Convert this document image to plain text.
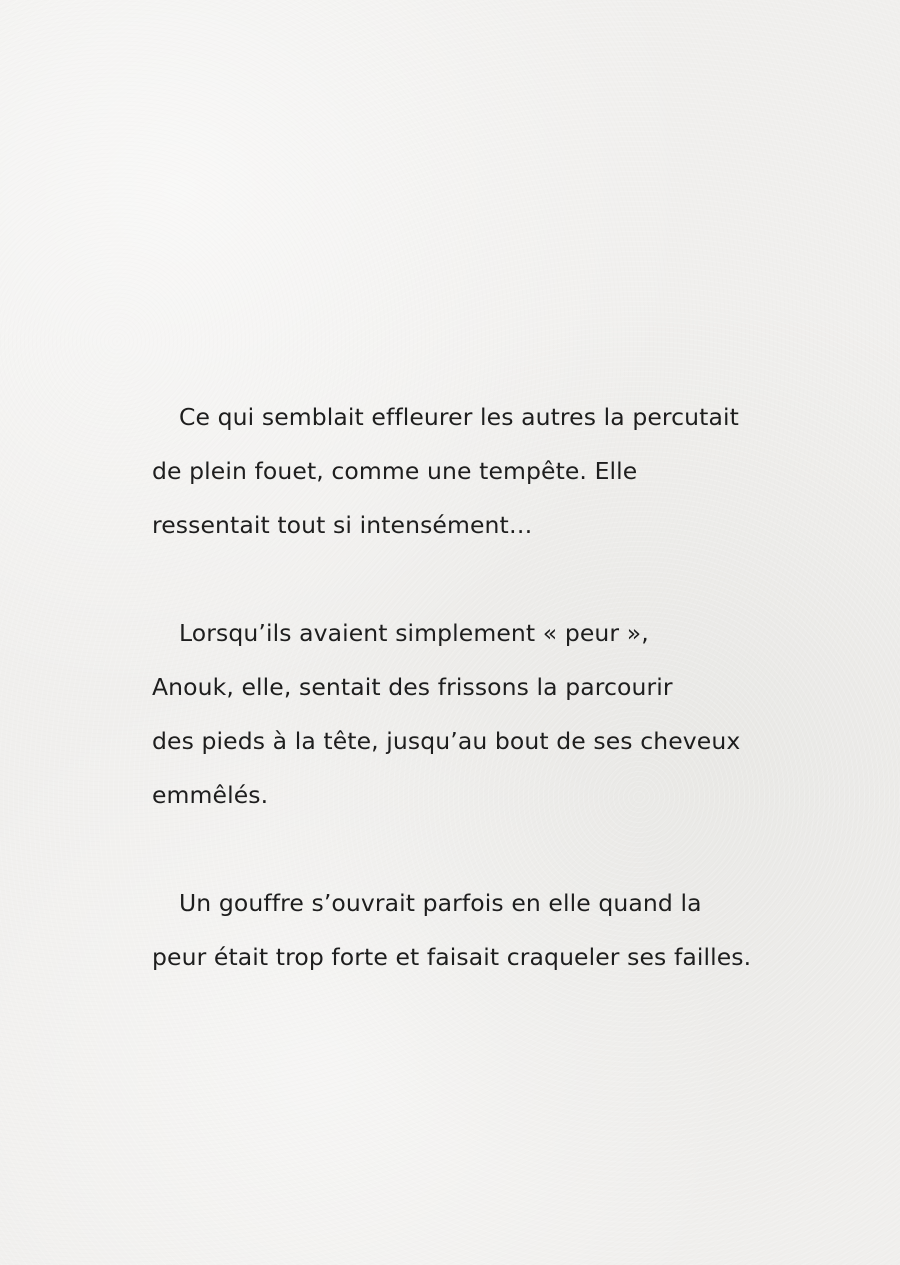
Ce qui semblait effleurer les autres la percutait
de plein fouet, comme une tempête. Elle
ressentait tout si intensément…

Lorsqu’ils avaient simplement « peur »,
Anouk, elle, sentait des frissons la parcourir
des pieds à la tête, jusqu’au bout de ses cheveux
emmêlés.

Un gouffre s’ouvrait parfois en elle quand la
peur était trop forte et faisait craqueler ses failles.
